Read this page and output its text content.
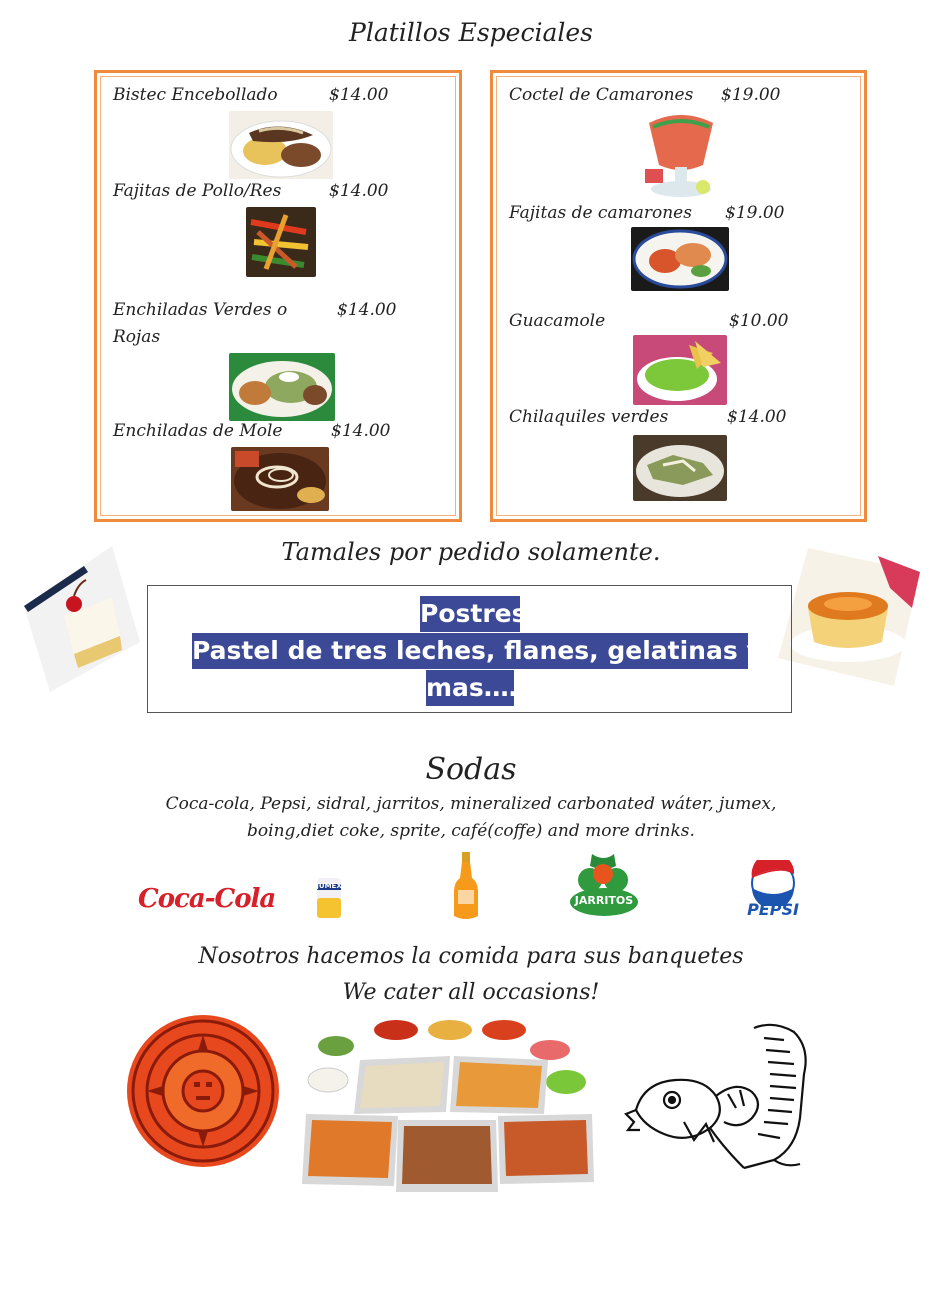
Platillos Especiales
Bistec Encebollado	$14.00
Fajitas de Pollo/Res	$14.00
Enchiladas Verdes o Rojas
$14.00
Enchiladas de Mole	$14.00
Coctel de Camarones $19.00
Fajitas de camarones $19.00
Guacamole	$10.00
Chilaquiles verdes	$14.00
Tamales por pedido solamente.
Postres
Pastel de tres leches, flanes, gelatinas y
mas……
Sodas
Coca-cola, Pepsi, sidral, jarritos, mineralized carbonated wáter, jumex,
boing,diet coke, sprite, café(coffe) and more drinks.
Coca-Cola	JUMEX
JARRITOS	PEPSI
Nosotros hacemos la comida para sus banquetes
We cater all occasions!
